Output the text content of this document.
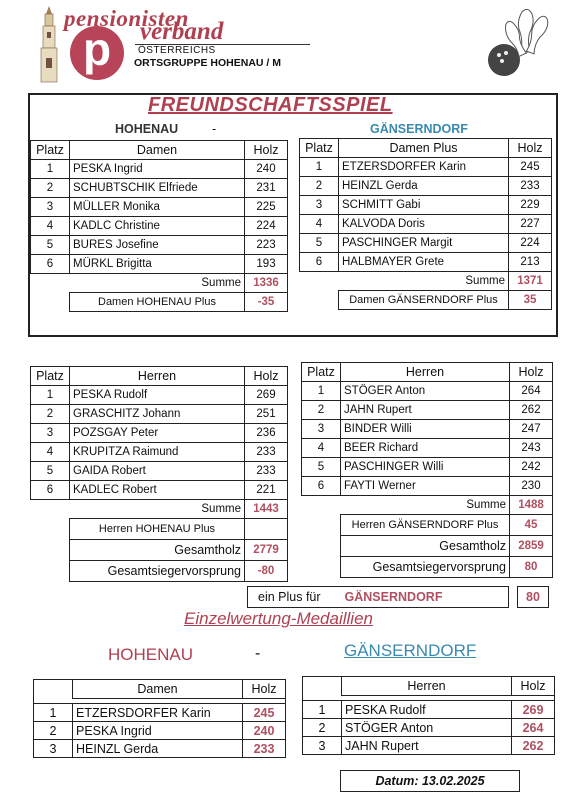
p
pensionisten
verband
ÖSTERREICHS
ORTSGRUPPE HOHENAU / M
FREUNDSCHAFTSSPIEL
HOHENAU	-	GÄNSERNDORF
Platz	Damen	Holz
1	PESKA Ingrid	240
2	SCHUBTSCHIK Elfriede	231
3	MÜLLER Monika	225
4	KADLC Christine	224
5	BURES Josefine	223
6	MÜRKL Brigitta	193
	Summe	1336
	Damen HOHENAU Plus	-35
Platz	Damen Plus	Holz
1	ETZERSDORFER Karin	245
2	HEINZL Gerda	233
3	SCHMITT Gabi	229
4	KALVODA Doris	227
5	PASCHINGER Margit	224
6	HALBMAYER Grete	213
	Summe	1371
	Damen GÄNSERNDORF Plus	35
Platz	Herren	Holz
1	PESKA Rudolf	269
2	GRASCHITZ Johann	251
3	POZSGAY Peter	236
4	KRUPITZA Raimund	233
5	GAIDA Robert	233
6	KADLEC Robert	221
	Summe	1443
	Herren HOHENAU Plus	
	Gesamtholz	2779
	Gesamtsiegervorsprung	-80
Platz	Herren	Holz
1	STÖGER Anton	264
2	JAHN Rupert	262
3	BINDER Willi	247
4	BEER Richard	243
5	PASCHINGER Willi	242
6	FAYTI Werner	230
	Summe	1488
	Herren GÄNSERNDORF Plus	45
	Gesamtholz	2859
	Gesamtsiegervorsprung	80
ein Plus für GÄNSERNDORF	80
Einzelwertung-Medaillien
HOHENAU	-	GÄNSERNDORF
	Damen	Holz

1	ETZERSDORFER Karin	245
2	PESKA Ingrid	240
3	HEINZL Gerda	233
	Herren	Holz

1	PESKA Rudolf	269
2	STÖGER Anton	264
3	JAHN Rupert	262
Datum: 13.02.2025
